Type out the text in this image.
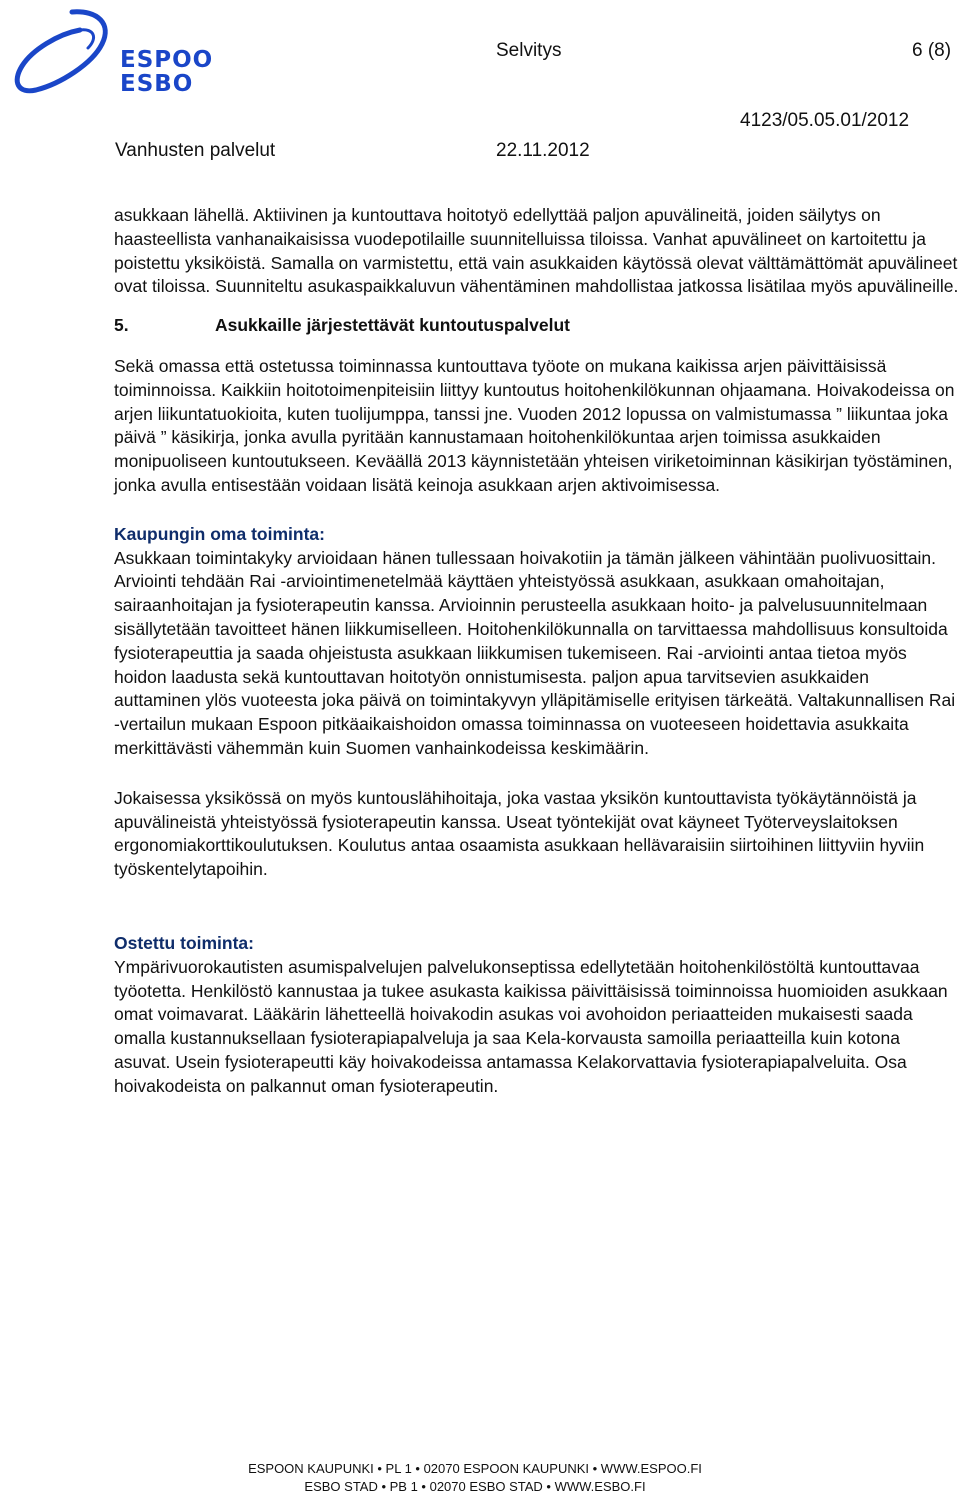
ESPOO
ESBO
Selvitys	6 (8)
4123/05.05.01/2012
Vanhusten palvelut	22.11.2012

asukkaan lähellä. Aktiivinen ja kuntouttava hoitotyö edellyttää paljon apuvälineitä, joiden säilytys on haasteellista vanhanaikaisissa vuodepotilaille suunnitelluissa tiloissa. Vanhat apuvälineet on kartoitettu ja poistettu yksiköistä. Samalla on varmistettu, että vain asukkaiden käytössä olevat välttämättömät apuvälineet ovat tiloissa. Suunniteltu asukaspaikkaluvun vähentäminen mahdollistaa jatkossa lisätilaa myös apuvälineille.

5.	Asukkaille järjestettävät kuntoutuspalvelut

Sekä omassa että ostetussa toiminnassa kuntouttava työote on mukana kaikissa arjen päivittäisissä toiminnoissa. Kaikkiin hoitotoimenpiteisiin liittyy kuntoutus hoitohenkilökunnan ohjaamana. Hoivakodeissa on arjen liikuntatuokioita, kuten tuolijumppa, tanssi jne. Vuoden 2012 lopussa on valmistumassa ” liikuntaa joka päivä ” käsikirja, jonka avulla pyritään kannustamaan hoitohenkilökuntaa arjen toimissa asukkaiden monipuoliseen kuntoutukseen. Keväällä 2013 käynnistetään yhteisen viriketoiminnan käsikirjan työstäminen, jonka avulla entisestään voidaan lisätä keinoja asukkaan arjen aktivoimisessa.

Kaupungin oma toiminta:

Asukkaan toimintakyky arvioidaan hänen tullessaan hoivakotiin ja tämän jälkeen vähintään puolivuosittain. Arviointi tehdään Rai -arviointimenetelmää käyttäen yhteistyössä asukkaan, asukkaan omahoitajan, sairaanhoitajan ja fysioterapeutin kanssa. Arvioinnin perusteella asukkaan hoito- ja palvelusuunnitelmaan sisällytetään tavoitteet hänen liikkumiselleen. Hoitohenkilökunnalla on tarvittaessa mahdollisuus konsultoida fysioterapeuttia ja saada ohjeistusta asukkaan liikkumisen tukemiseen. Rai -arviointi antaa tietoa myös hoidon laadusta sekä kuntouttavan hoitotyön onnistumisesta. paljon apua tarvitsevien asukkaiden auttaminen ylös vuoteesta joka päivä on toimintakyvyn ylläpitämiselle erityisen tärkeätä. Valtakunnallisen Rai -vertailun mukaan Espoon pitkäaikaishoidon omassa toiminnassa on vuoteeseen hoidettavia asukkaita merkittävästi vähemmän kuin Suomen vanhainkodeissa keskimäärin.

Jokaisessa yksikössä on myös kuntouslähihoitaja, joka vastaa yksikön kuntouttavista työkäytännöistä ja apuvälineistä yhteistyössä fysioterapeutin kanssa. Useat työntekijät ovat käyneet Työterveyslaitoksen ergonomiakorttikoulutuksen. Koulutus antaa osaamista asukkaan hellävaraisiin siirtoihinen liittyviin hyviin työskentelytapoihin.

Ostettu toiminta:

Ympärivuorokautisten asumispalvelujen palvelukonseptissa edellytetään hoitohenkilöstöltä kuntouttavaa työotetta. Henkilöstö kannustaa ja tukee asukasta kaikissa päivittäisissä toiminnoissa huomioiden asukkaan omat voimavarat. Lääkärin lähetteellä hoivakodin asukas voi avohoidon periaatteiden mukaisesti saada omalla kustannuksellaan fysioterapiapalveluja ja saa Kela-korvausta samoilla periaatteilla kuin kotona asuvat. Usein fysioterapeutti käy hoivakodeissa antamassa Kelakorvattavia fysioterapiapalveluita. Osa hoivakodeista on palkannut oman fysioterapeutin.

ESPOON KAUPUNKI • PL 1 • 02070 ESPOON KAUPUNKI • WWW.ESPOO.FI
ESBO STAD • PB 1 • 02070 ESBO STAD • WWW.ESBO.FI
